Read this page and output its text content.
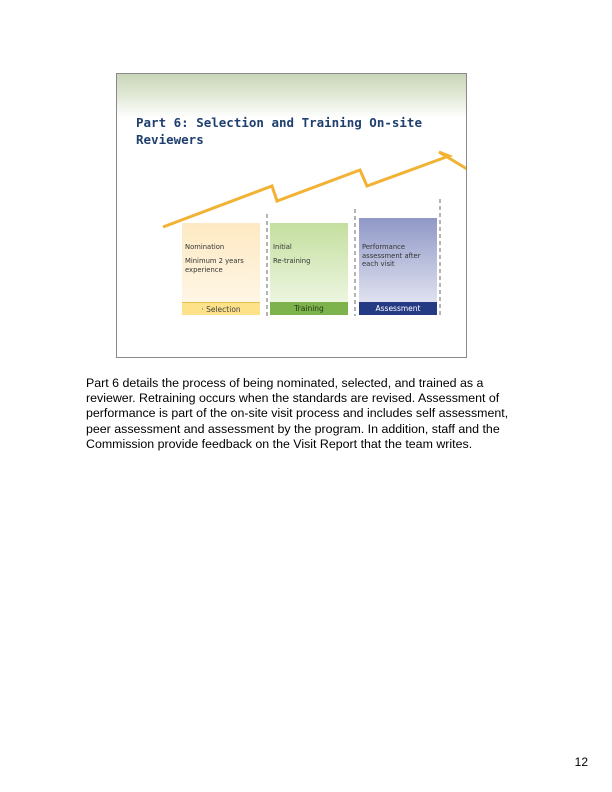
Part 6: Selection and Training On-site Reviewers
Nomination
Minimum 2 years experience
· Selection
Initial
Re-training
Training
Performance assessment after each visit
Assessment

Part 6 details the process of being nominated, selected, and trained as a reviewer. Retraining occurs when the standards are revised. Assessment of performance is part of the on-site visit process and includes self assessment, peer assessment and assessment by the program. In addition, staff and the Commission provide feedback on the Visit Report that the team writes.

12
